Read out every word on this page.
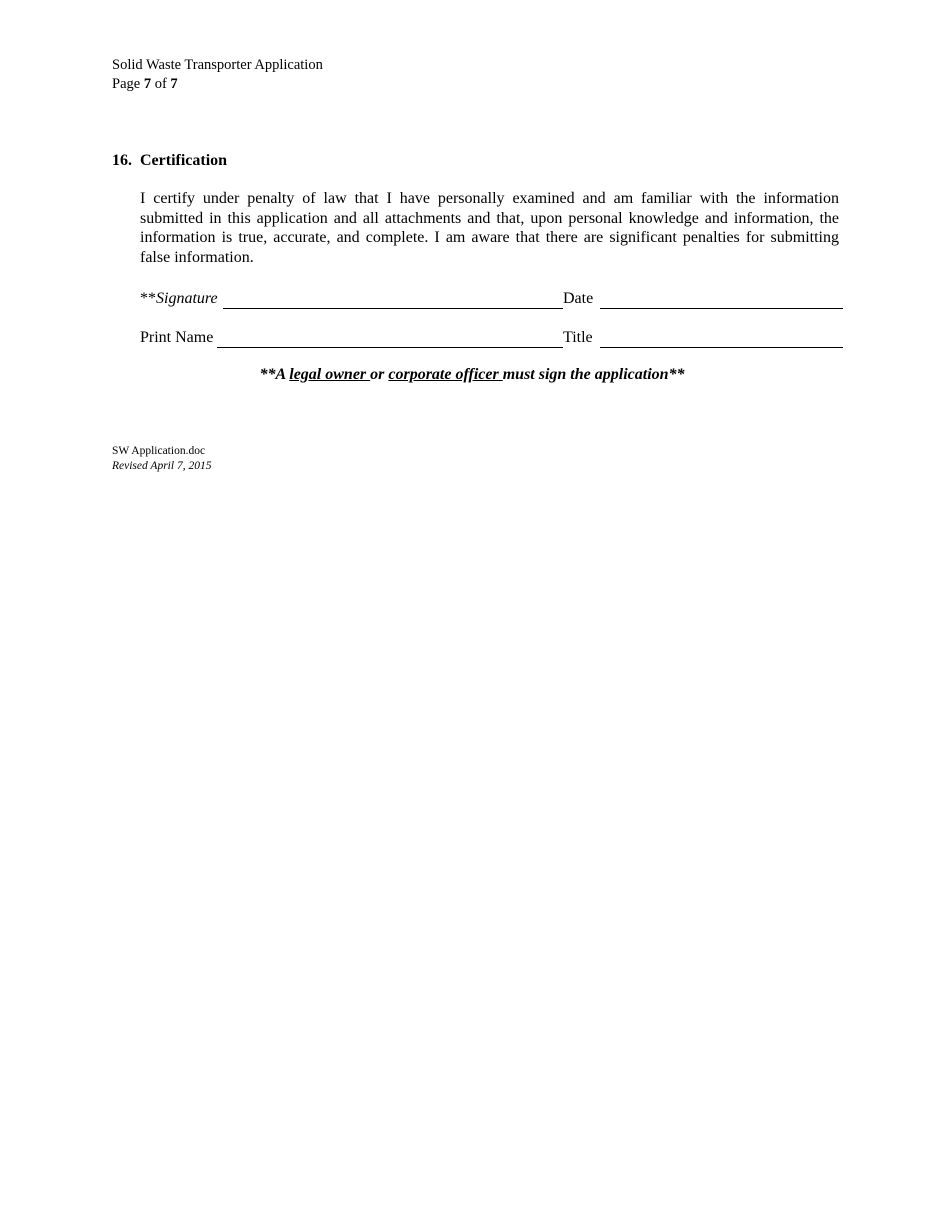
Solid Waste Transporter Application
Page 7 of 7
16. Certification

I certify under penalty of law that I have personally examined and am familiar with the information submitted in this application and all attachments and that, upon personal knowledge and information, the information is true, accurate, and complete. I am aware that there are significant penalties for submitting false information.

**Signature	Date
Print Name	Title
**A legal owner or corporate officer must sign the application**
SW Application.doc
Revised April 7, 2015
